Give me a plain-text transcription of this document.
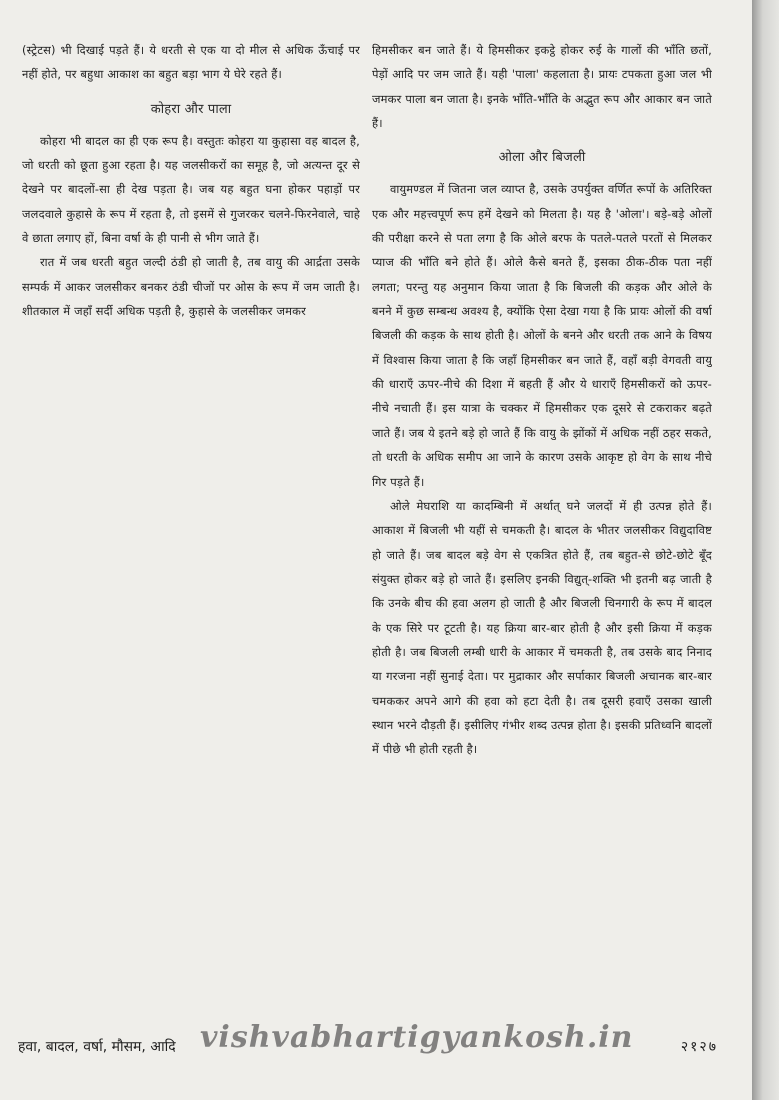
(स्ट्रेटस) भी दिखाई पड़ते हैं। ये धरती से एक या दो मील से अधिक ऊँचाई पर नहीं होते, पर बहुधा आकाश का बहुत बड़ा भाग ये घेरे रहते हैं।

कोहरा और पाला

कोहरा भी बादल का ही एक रूप है। वस्तुतः कोहरा या कुहासा वह बादल है, जो धरती को छूता हुआ रहता है। यह जलसीकरों का समूह है, जो अत्यन्त दूर से देखने पर बादलों-सा ही देख पड़ता है। जब यह बहुत घना होकर पहाड़ों पर जलदवाले कुहासे के रूप में रहता है, तो इसमें से गुजरकर चलने-फिरनेवाले, चाहे वे छाता लगाए हों, बिना वर्षा के ही पानी से भीग जाते हैं।

रात में जब धरती बहुत जल्दी ठंडी हो जाती है, तब वायु की आर्द्रता उसके सम्पर्क में आकर जलसीकर बनकर ठंडी चीजों पर ओस के रूप में जम जाती है। शीतकाल में जहाँ सर्दी अधिक पड़ती है, कुहासे के जलसीकर जमकर

हिमसीकर बन जाते हैं। ये हिमसीकर इकट्ठे होकर रुई के गालों की भाँति छतों, पेड़ों आदि पर जम जाते हैं। यही 'पाला' कहलाता है। प्रायः टपकता हुआ जल भी जमकर पाला बन जाता है। इनके भाँति-भाँति के अद्भुत रूप और आकार बन जाते हैं।

ओला और बिजली

वायुमण्डल में जितना जल व्याप्त है, उसके उपर्युक्त वर्णित रूपों के अतिरिक्त एक और महत्त्वपूर्ण रूप हमें देखने को मिलता है। यह है 'ओला'। बड़े-बड़े ओलों की परीक्षा करने से पता लगा है कि ओले बरफ के पतले-पतले परतों से मिलकर प्याज की भाँति बने होते हैं। ओले कैसे बनते हैं, इसका ठीक-ठीक पता नहीं लगता; परन्तु यह अनुमान किया जाता है कि बिजली की कड़क और ओले के बनने में कुछ सम्बन्ध अवश्य है, क्योंकि ऐसा देखा गया है कि प्रायः ओलों की वर्षा बिजली की कड़क के साथ होती है। ओलों के बनने और धरती तक आने के विषय में विश्वास किया जाता है कि जहाँ हिमसीकर बन जाते हैं, वहाँ बड़ी वेगवती वायु की धाराएँ ऊपर-नीचे की दिशा में बहती हैं और ये धाराएँ हिमसीकरों को ऊपर-नीचे नचाती हैं। इस यात्रा के चक्कर में हिमसीकर एक दूसरे से टकराकर बढ़ते जाते हैं। जब ये इतने बड़े हो जाते हैं कि वायु के झोंकों में अधिक नहीं ठहर सकते, तो धरती के अधिक समीप आ जाने के कारण उसके आकृष्ट हो वेग के साथ नीचे गिर पड़ते हैं।

ओले मेघराशि या कादम्बिनी में अर्थात् घने जलदों में ही उत्पन्न होते हैं। आकाश में बिजली भी यहीं से चमकती है। बादल के भीतर जलसीकर विद्युदाविष्ट हो जाते हैं। जब बादल बड़े वेग से एकत्रित होते हैं, तब बहुत-से छोटे-छोटे बूँद संयुक्त होकर बड़े हो जाते हैं। इसलिए इनकी विद्युत्-शक्ति भी इतनी बढ़ जाती है कि उनके बीच की हवा अलग हो जाती है और बिजली चिनगारी के रूप में बादल के एक सिरे पर टूटती है। यह क्रिया बार-बार होती है और इसी क्रिया में कड़क होती है। जब बिजली लम्बी धारी के आकार में चमकती है, तब उसके बाद निनाद या गरजना नहीं सुनाई देता। पर मुद्राकार और सर्पाकार बिजली अचानक बार-बार चमककर अपने आगे की हवा को हटा देती है। तब दूसरी हवाएँ उसका खाली स्थान भरने दौड़ती हैं। इसीलिए गंभीर शब्द उत्पन्न होता है। इसकी प्रतिध्वनि बादलों में पीछे भी होती रहती है।

हवा, बादल, वर्षा, मौसम, आदि	२१२७
vishvabhartigyankosh.in
